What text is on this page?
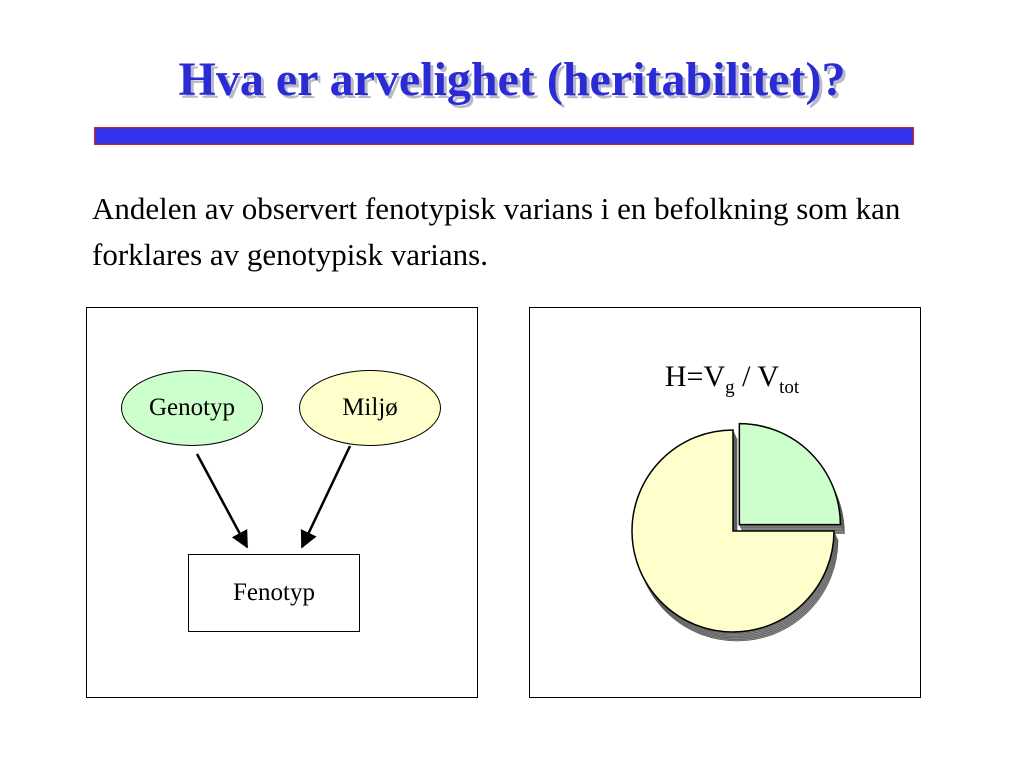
Hva er arvelighet (heritabilitet)?
Andelen av observert fenotypisk varians i en befolkning som kan forklares av genotypisk varians.
Genotyp	Miljø
Fenotyp
$H=V_g / V_{tot}$
